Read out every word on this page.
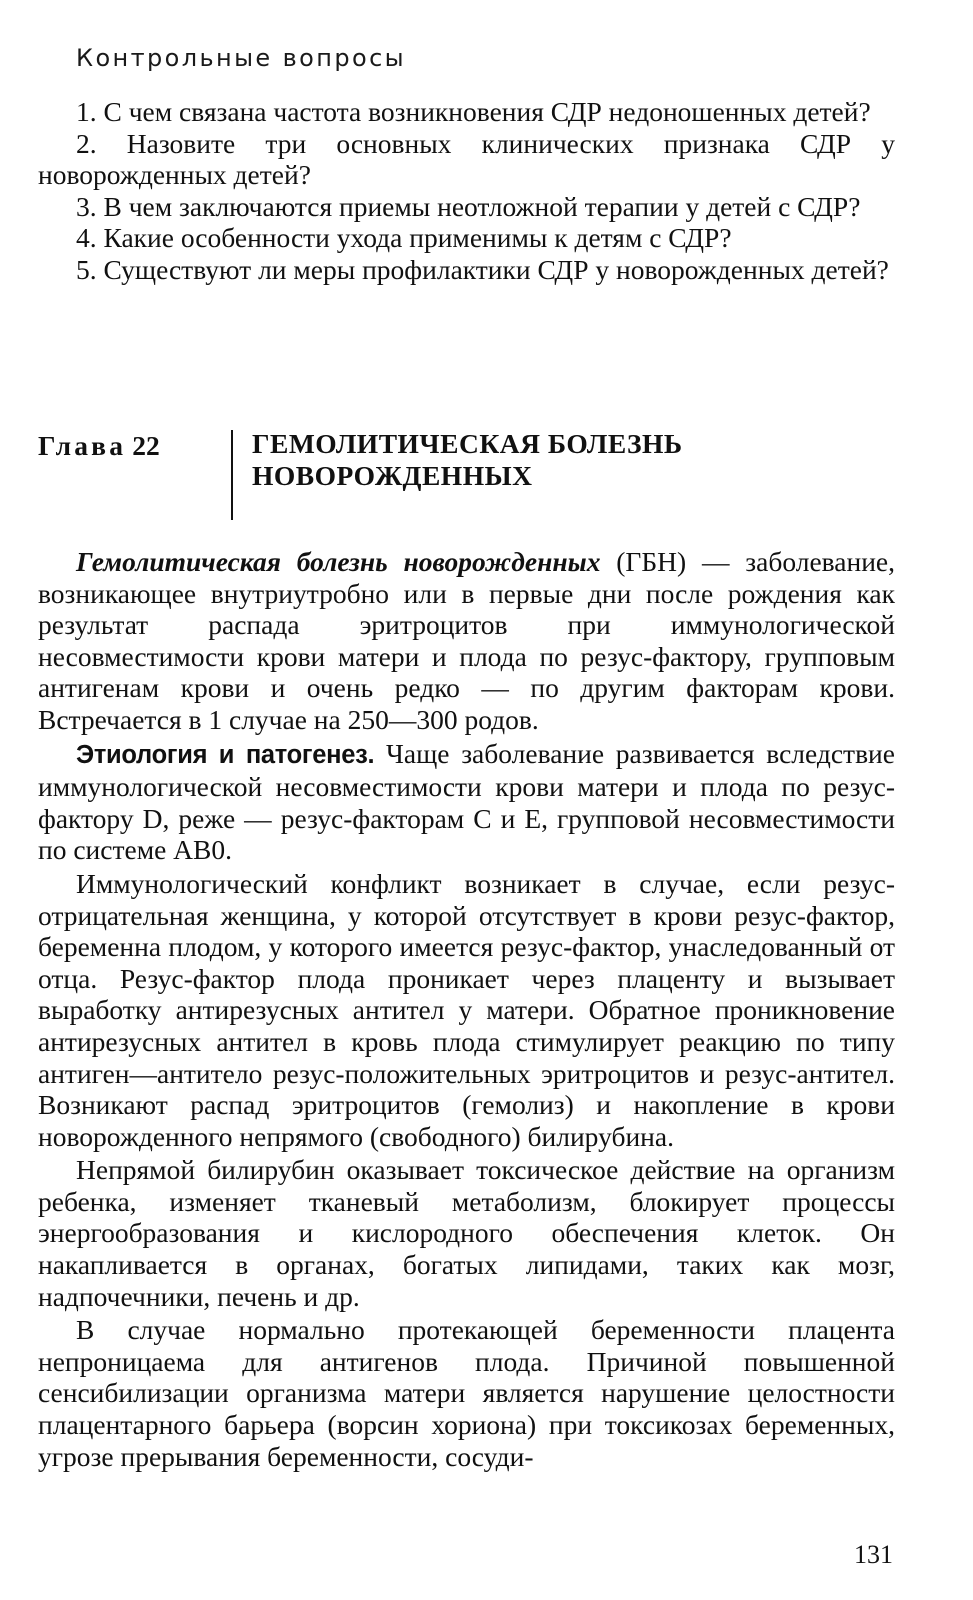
Контрольные вопросы

1. С чем связана частота возникновения СДР недоношенных детей?

2. Назовите три основных клинических признака СДР у новорожденных детей?

3. В чем заключаются приемы неотложной терапии у детей с СДР?

4. Какие особенности ухода применимы к детям с СДР?

5. Существуют ли меры профилактики СДР у новорожденных детей?

Глава 22	ГЕМОЛИТИЧЕСКАЯ БОЛЕЗНЬ
НОВОРОЖДЕННЫХ

Гемолитическая болезнь новорожденных (ГБН) — заболевание, возникающее внутриутробно или в первые дни после рождения как результат распада эритроцитов при иммунологической несовместимости крови матери и плода по резус-фактору, групповым антигенам крови и очень редко — по другим факторам крови. Встречается в 1 случае на 250—300 родов.

Этиология и патогенез. Чаще заболевание развивается вследствие иммунологической несовместимости крови матери и плода по резус-фактору D, реже — резус-факторам С и Е, групповой несовместимости по системе АВ0.

Иммунологический конфликт возникает в случае, если резус-отрицательная женщина, у которой отсутствует в крови резус-фактор, беременна плодом, у которого имеется резус-фактор, унаследованный от отца. Резус-фактор плода проникает через плаценту и вызывает выработку антирезусных антител у матери. Обратное проникновение антирезусных антител в кровь плода стимулирует реакцию по типу антиген—антитело резус-положительных эритроцитов и резус-антител. Возникают распад эритроцитов (гемолиз) и накопление в крови новорожденного непрямого (свободного) билирубина.

Непрямой билирубин оказывает токсическое действие на организм ребенка, изменяет тканевый метаболизм, блокирует процессы энергообразования и кислородного обеспечения клеток. Он накапливается в органах, богатых липидами, таких как мозг, надпочечники, печень и др.

В случае нормально протекающей беременности плацента непроницаема для антигенов плода. Причиной повышенной сенсибилизации организма матери является нарушение целостности плацентарного барьера (ворсин хориона) при токсикозах беременных, угрозе прерывания беременности, сосуди-

131
